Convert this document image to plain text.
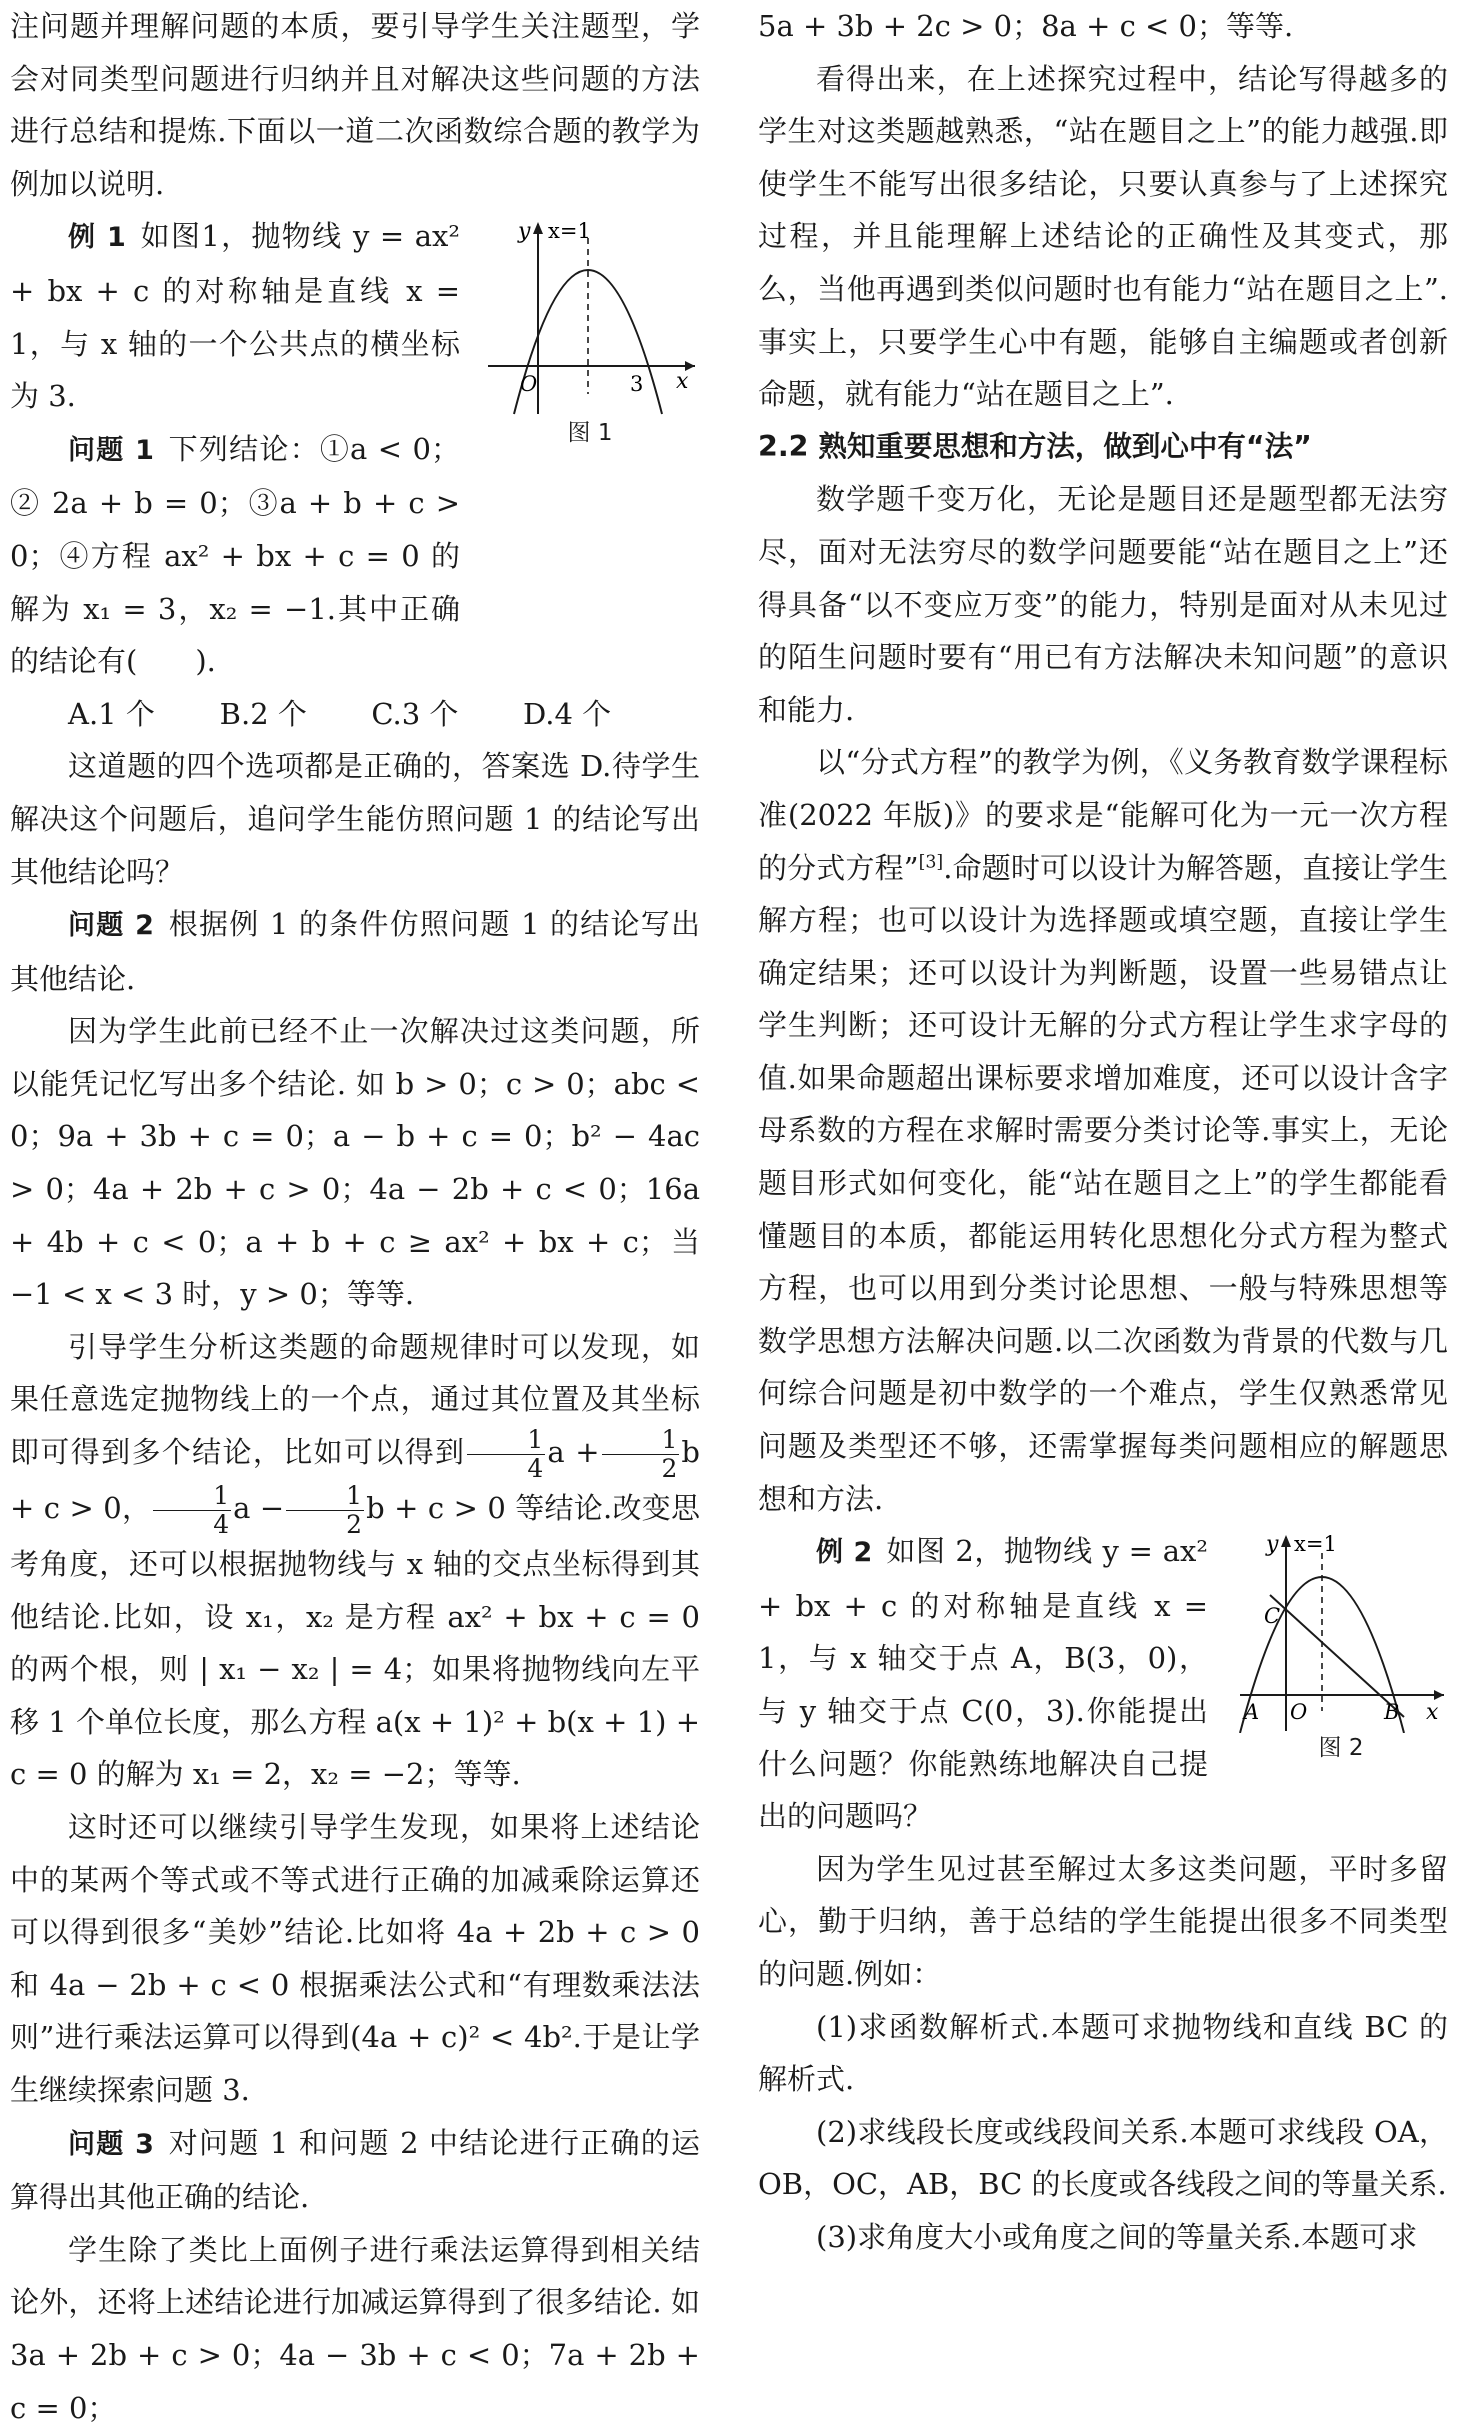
注问题并理解问题的本质，要引导学生关注题型，学会对同类型问题进行归纳并且对解决这些问题的方法进行总结和提炼.下面以一道二次函数综合题的教学为例加以说明.

y x=1
O	3 x
图 1

例 1 如图1，抛物线 y = ax² + bx + c 的对称轴是直线 x = 1，与 x 轴的一个公共点的横坐标为 3.

问题 1 下列结论：①a < 0；② 2a + b = 0；③a + b + c > 0；④方程 ax² + bx + c = 0 的解为 x₁ = 3，x₂ = −1.其中正确的结论有(　　).

A.1 个	B.2 个	C.3 个	D.4 个

这道题的四个选项都是正确的，答案选 D.待学生解决这个问题后，追问学生能仿照问题 1 的结论写出其他结论吗？

问题 2 根据例 1 的条件仿照问题 1 的结论写出其他结论.

因为学生此前已经不止一次解决过这类问题，所以能凭记忆写出多个结论. 如 b > 0；c > 0；abc < 0；9a + 3b + c = 0；a − b + c = 0；b² − 4ac > 0；4a + 2b + c > 0；4a − 2b + c < 0；16a + 4b + c < 0；a + b + c ≥ ax² + bx + c；当 −1 < x < 3 时，y > 0；等等.

引导学生分析这类题的命题规律时可以发现，如果任意选定抛物线上的一个点，通过其位置及其坐标即可得到多个结论，比如可以得到 $\frac{1}{4}$ $a + \frac{1}{2}$ b + c > 0， $\frac{1}{4}$ $a - \frac{1}{2}$ b + c > 0 等结论.改变思考角度，还可以根据抛物线与 x 轴的交点坐标得到其他结论.比如，设 x₁，x₂ 是方程 ax² + bx + c = 0 的两个根，则 | x₁ − x₂ | = 4；如果将抛物线向左平移 1 个单位长度，那么方程 a(x + 1)² + b(x + 1) + c = 0 的解为 x₁ = 2，x₂ = −2；等等.

这时还可以继续引导学生发现，如果将上述结论中的某两个等式或不等式进行正确的加减乘除运算还可以得到很多“美妙”结论.比如将 4a + 2b + c > 0 和 4a − 2b + c < 0 根据乘法公式和“有理数乘法法则”进行乘法运算可以得到(4a + c)² < 4b².于是让学生继续探索问题 3.

问题 3 对问题 1 和问题 2 中结论进行正确的运算得出其他正确的结论.

学生除了类比上面例子进行乘法运算得到相关结论外，还将上述结论进行加减运算得到了很多结论. 如 3a + 2b + c > 0；4a − 3b + c < 0；7a + 2b + c = 0；

5a + 3b + 2c > 0；8a + c < 0；等等.

看得出来，在上述探究过程中，结论写得越多的学生对这类题越熟悉，“站在题目之上”的能力越强.即使学生不能写出很多结论，只要认真参与了上述探究过程，并且能理解上述结论的正确性及其变式，那么，当他再遇到类似问题时也有能力“站在题目之上”.事实上，只要学生心中有题，能够自主编题或者创新命题，就有能力“站在题目之上”.

2.2 熟知重要思想和方法，做到心中有“法”

数学题千变万化，无论是题目还是题型都无法穷尽，面对无法穷尽的数学问题要能“站在题目之上”还得具备“以不变应万变”的能力，特别是面对从未见过的陌生问题时要有“用已有方法解决未知问题”的意识和能力.

以“分式方程”的教学为例，《义务教育数学课程标准(2022 年版)》的要求是“能解可化为一元一次方程的分式方程”[3].命题时可以设计为解答题，直接让学生解方程；也可以设计为选择题或填空题，直接让学生确定结果；还可以设计为判断题，设置一些易错点让学生判断；还可设计无解的分式方程让学生求字母的值.如果命题超出课标要求增加难度，还可以设计含字母系数的方程在求解时需要分类讨论等.事实上，无论题目形式如何变化，能“站在题目之上”的学生都能看懂题目的本质，都能运用转化思想化分式方程为整式方程，也可以用到分类讨论思想、一般与特殊思想等数学思想方法解决问题.以二次函数为背景的代数与几何综合问题是初中数学的一个难点，学生仅熟悉常见问题及类型还不够，还需掌握每类问题相应的解题思想和方法.

y x=1
C
A O	B x
图 2

例 2 如图 2，抛物线 y = ax² + bx + c 的对称轴是直线 x = 1，与 x 轴交于点 A，B(3，0)，与 y 轴交于点 C(0，3).你能提出什么问题？你能熟练地解决自己提出的问题吗？

因为学生见过甚至解过太多这类问题，平时多留心，勤于归纳，善于总结的学生能提出很多不同类型的问题.例如：

(1)求函数解析式.本题可求抛物线和直线 BC 的解析式.

(2)求线段长度或线段间关系.本题可求线段 OA，OB，OC，AB，BC 的长度或各线段之间的等量关系.

(3)求角度大小或角度之间的等量关系.本题可求
